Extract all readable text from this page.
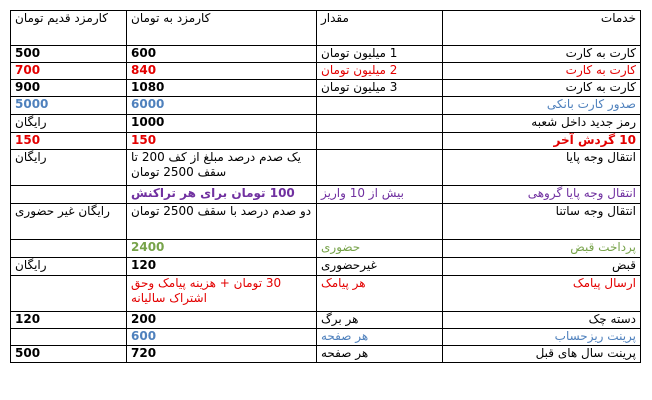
خدمات	مقدار	کارمزد به تومان	کارمزد قدیم تومان
کارت به کارت	1 میلیون تومان	600	500
کارت به کارت	2 میلیون تومان	840	700
کارت به کارت	3 میلیون تومان	1080	900
صدور کارت بانکی		6000	5000
رمز جدید داخل شعبه		1000	رایگان
10 گردش آخر		150	150
انتقال وجه پایا		یک صدم درصد مبلغ از کف 200 تا سقف 2500 تومان	رایگان
انتقال وجه پایا گروهی	بیش از 10 واریز	100 تومان برای هر تراکنش	
انتقال وجه ساتنا		دو صدم درصد با سقف 2500 تومان	رایگان غیر حضوری
پرداخت قبض	حضوری	2400	
قبض	غیرحضوری	120	رایگان
ارسال پیامک	هر پیامک	30 تومان + هزینه پیامک وحق اشتراک سالیانه	
دسته چک	هر برگ	200	120
پرینت ریزحساب	هر صفحه	600	
پرینت سال های قبل	هر صفحه	720	500
